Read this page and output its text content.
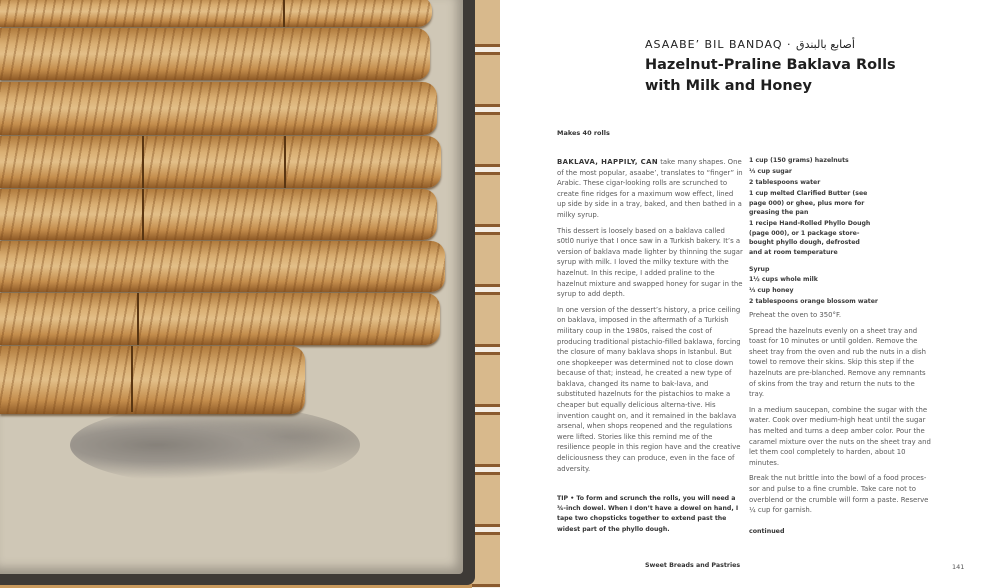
ASAABE’ BIL BANDAQ · أصابع بالبندق
Hazelnut-Praline Baklava Rolls
with Milk and Honey
Makes 40 rolls

BAKLAVA, HAPPILY, CAN take many shapes. One of the most popular, asaabe’, translates to “finger” in Arabic. These cigar-looking rolls are scrunched to create fine ridges for a maximum wow effect, lined up side by side in a tray, baked, and then bathed in a milky syrup.

This dessert is loosely based on a baklava called s0tl0 nuriye that I once saw in a Turkish bakery. It’s a version of baklava made lighter by thinning the sugar syrup with milk. I loved the milky texture with the hazelnut. In this recipe, I added praline to the hazelnut mixture and swapped honey for sugar in the syrup to add depth.

In one version of the dessert’s history, a price ceiling on baklava, imposed in the aftermath of a Turkish military coup in the 1980s, raised the cost of producing traditional pistachio-filled baklawa, forcing the closure of many baklava shops in Istanbul. But one shopkeeper was determined not to close down because of that; instead, he created a new type of baklava, changed its name to bak-lava, and substituted hazelnuts for the pistachios to make a cheaper but equally delicious alterna-tive. His invention caught on, and it remained in the baklava arsenal, when shops reopened and the regulations were lifted. Stories like this remind me of the resilience people in this region have and the creative deliciousness they can produce, even in the face of adversity.

TIP • To form and scrunch the rolls, you will need a ¾-inch dowel. When I don’t have a dowel on hand, I tape two chopsticks together to extend past the widest part of the phyllo dough.
1 cup (150 grams) hazelnuts
⅓ cup sugar
2 tablespoons water
1 cup melted Clarified Butter (see page 000) or ghee, plus more for greasing the pan
1 recipe Hand-Rolled Phyllo Dough (page 000), or 1 package store-bought phyllo dough, defrosted and at room temperature
Syrup
1½ cups whole milk
⅓ cup honey
2 tablespoons orange blossom water

Preheat the oven to 350°F.

Spread the hazelnuts evenly on a sheet tray and toast for 10 minutes or until golden. Remove the sheet tray from the oven and rub the nuts in a dish towel to remove their skins. Skip this step if the hazelnuts are pre-blanched. Remove any remnants of skins from the tray and return the nuts to the tray.

In a medium saucepan, combine the sugar with the water. Cook over medium-high heat until the sugar has melted and turns a deep amber color. Pour the caramel mixture over the nuts on the sheet tray and let them cool completely to harden, about 10 minutes.

Break the nut brittle into the bowl of a food proces-sor and pulse to a fine crumble. Take care not to overblend or the crumble will form a paste. Reserve ¼ cup for garnish.

continued
Sweet Breads and Pastries	141
